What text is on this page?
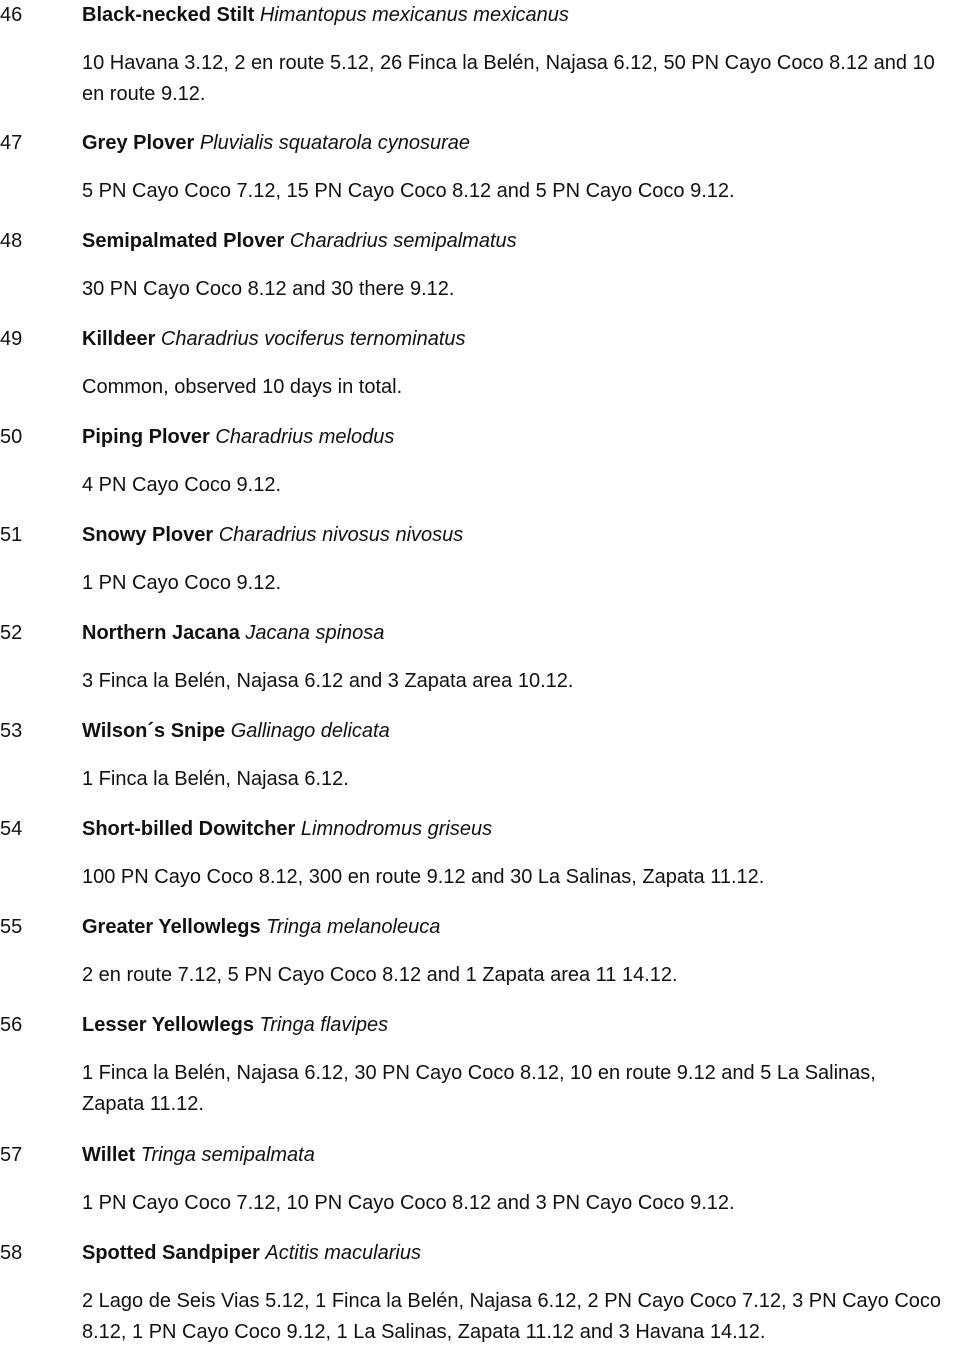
46	Black-necked Stilt Himantopus mexicanus mexicanus
10 Havana 3.12, 2 en route 5.12, 26 Finca la Belén, Najasa 6.12, 50 PN Cayo Coco 8.12 and 10 en route 9.12.
47	Grey Plover Pluvialis squatarola cynosurae
5 PN Cayo Coco 7.12, 15 PN Cayo Coco 8.12 and 5 PN Cayo Coco 9.12.
48	Semipalmated Plover Charadrius semipalmatus
30 PN Cayo Coco 8.12 and 30 there 9.12.
49	Killdeer Charadrius vociferus ternominatus
Common, observed 10 days in total.
50	Piping Plover Charadrius melodus
4 PN Cayo Coco 9.12.
51	Snowy Plover Charadrius nivosus nivosus
1 PN Cayo Coco 9.12.
52	Northern Jacana Jacana spinosa
3 Finca la Belén, Najasa 6.12 and 3 Zapata area 10.12.
53	Wilson´s Snipe Gallinago delicata
1 Finca la Belén, Najasa 6.12.
54	Short-billed Dowitcher Limnodromus griseus
100 PN Cayo Coco 8.12, 300 en route 9.12 and 30 La Salinas, Zapata 11.12.
55	Greater Yellowlegs Tringa melanoleuca
2 en route 7.12, 5 PN Cayo Coco 8.12 and 1 Zapata area 11 14.12.
56	Lesser Yellowlegs Tringa flavipes
1 Finca la Belén, Najasa 6.12, 30 PN Cayo Coco 8.12, 10 en route 9.12 and 5 La Salinas, Zapata 11.12.
57	Willet Tringa semipalmata
1 PN Cayo Coco 7.12, 10 PN Cayo Coco 8.12 and 3 PN Cayo Coco 9.12.
58	Spotted Sandpiper Actitis macularius
2 Lago de Seis Vias 5.12, 1 Finca la Belén, Najasa 6.12, 2 PN Cayo Coco 7.12, 3 PN Cayo Coco 8.12, 1 PN Cayo Coco 9.12, 1 La Salinas, Zapata 11.12 and 3 Havana 14.12.
